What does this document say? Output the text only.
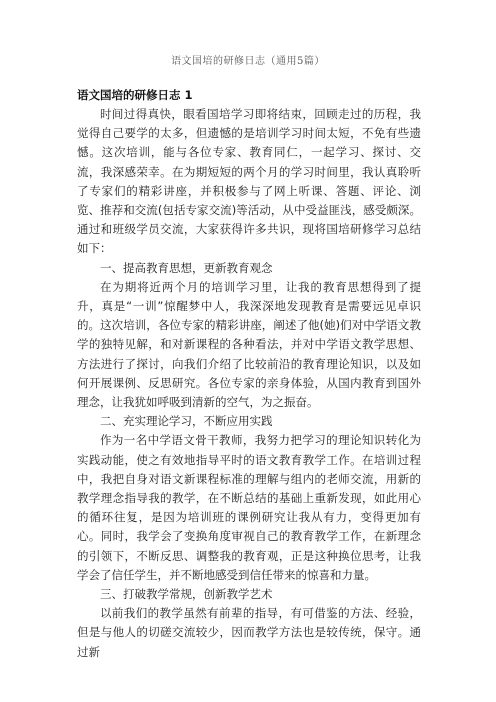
语文国培的研修日志（通用5篇）

语文国培的研修日志 1

时间过得真快，眼看国培学习即将结束，回顾走过的历程，我觉得自己要学的太多，但遗憾的是培训学习时间太短，不免有些遗憾。这次培训，能与各位专家、教育同仁，一起学习、探讨、交流，我深感荣幸。在为期短短的两个月的学习时间里，我认真聆听了专家们的精彩讲座，并积极参与了网上听课、答题、评论、浏览、推荐和交流(包括专家交流)等活动，从中受益匪浅，感受颇深。通过和班级学员交流，大家获得许多共识，现将国培研修学习总结如下：

一、提高教育思想，更新教育观念

在为期将近两个月的培训学习里，让我的教育思想得到了提升，真是“一训”惊醒梦中人，我深深地发现教育是需要远见卓识的。这次培训，各位专家的精彩讲座，阐述了他(她)们对中学语文教学的独特见解，和对新课程的各种看法，并对中学语文教学思想、方法进行了探讨，向我们介绍了比较前沿的教育理论知识，以及如何开展课例、反思研究。各位专家的亲身体验，从国内教育到国外理念，让我犹如呼吸到清新的空气，为之振奋。

二、充实理论学习，不断应用实践

作为一名中学语文骨干教师，我努力把学习的理论知识转化为实践动能，使之有效地指导平时的语文教育教学工作。在培训过程中，我把自身对语文新课程标准的理解与组内的老师交流，用新的教学理念指导我的教学，在不断总结的基础上重新发现，如此用心的循环往复，是因为培训班的课例研究让我从有力，变得更加有心。同时，我学会了变换角度审视自己的教育教学工作，在新理念的引领下，不断反思、调整我的教育观，正是这种换位思考，让我学会了信任学生，并不断地感受到信任带来的惊喜和力量。

三、打破教学常规，创新教学艺术

以前我们的教学虽然有前辈的指导，有可借鉴的方法、经验，但是与他人的切磋交流较少，因而教学方法也是较传统，保守。通过新
